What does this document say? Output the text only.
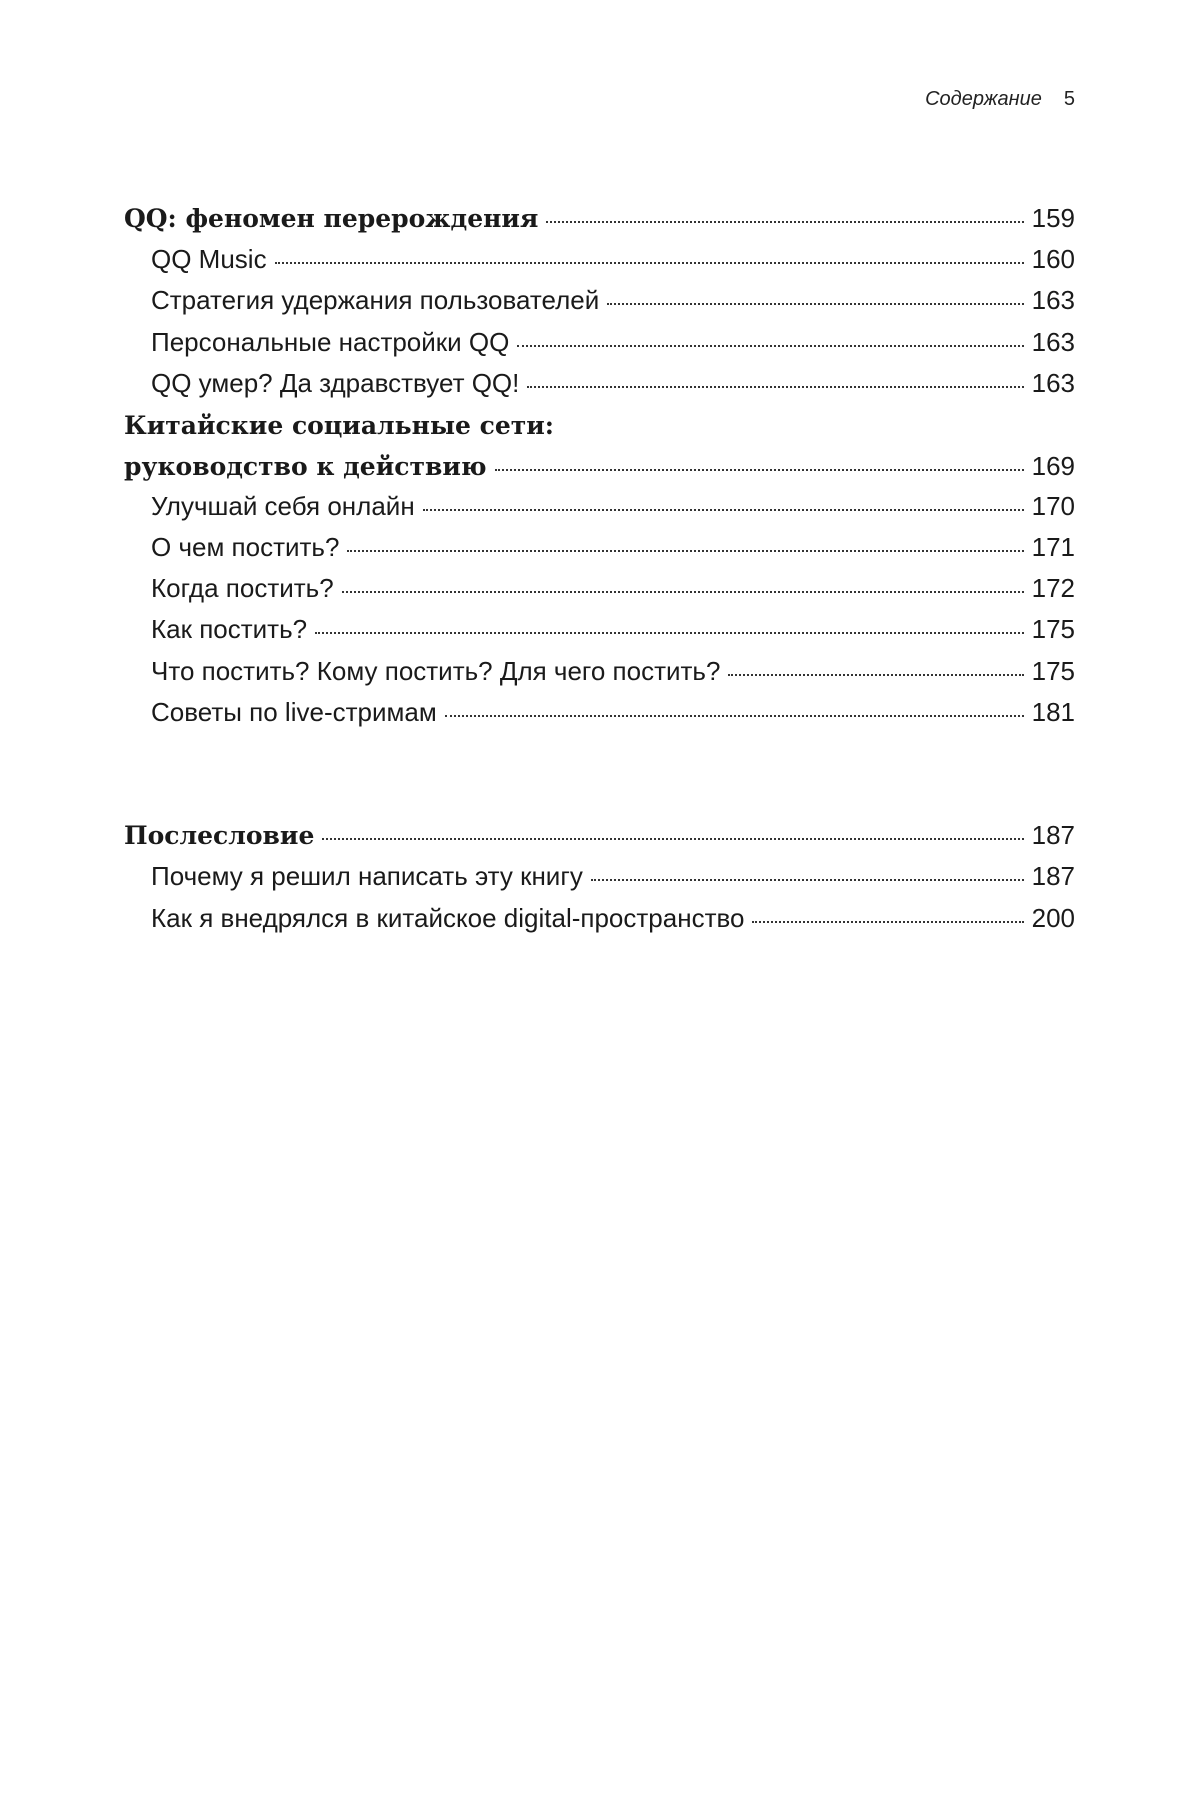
Содержание 5
QQ: феномен перерождения	159
QQ Music	160
Стратегия удержания пользователей	163
Персональные настройки QQ	163
QQ умер? Да здравствует QQ!	163
Китайские социальные сети:
руководство к действию	169
Улучшай себя онлайн	170
О чем постить?	171
Когда постить?	172
Как постить?	175
Что постить? Кому постить? Для чего постить?	175
Советы по live-стримам	181
Послесловие	187
Почему я решил написать эту книгу	187
Как я внедрялся в китайское digital-пространство	200
